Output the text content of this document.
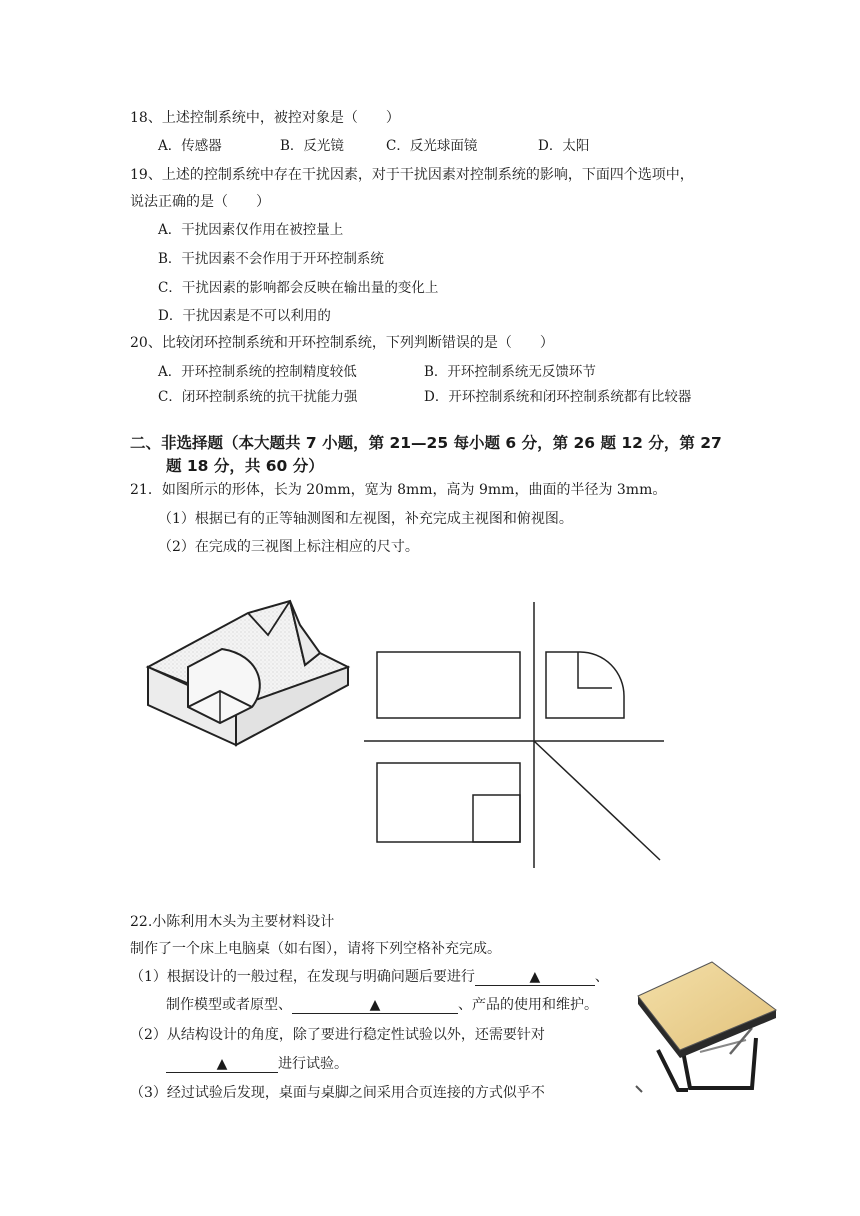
18、上述控制系统中，被控对象是（　　）
A．传感器	B．反光镜	C．反光球面镜	D．太阳
19、上述的控制系统中存在干扰因素，对于干扰因素对控制系统的影响，下面四个选项中，
说法正确的是（　　）
A．干扰因素仅作用在被控量上
B．干扰因素不会作用于开环控制系统
C．干扰因素的影响都会反映在输出量的变化上
D．干扰因素是不可以利用的
20、比较闭环控制系统和开环控制系统，下列判断错误的是（　　）
A．开环控制系统的控制精度较低	B．开环控制系统无反馈环节
C．闭环控制系统的抗干扰能力强	D．开环控制系统和闭环控制系统都有比较器
二、非选择题（本大题共 7 小题，第 21—25 每小题 6 分，第 26 题 12 分，第 27
题 18 分，共 60 分）
21．如图所示的形体，长为 20mm，宽为 8mm，高为 9mm，曲面的半径为 3mm。
（1）根据已有的正等轴测图和左视图，补充完成主视图和俯视图。
（2）在完成的三视图上标注相应的尺寸。
22.小陈利用木头为主要材料设计
制作了一个床上电脑桌（如右图），请将下列空格补充完成。
（1）根据设计的一般过程，在发现与明确问题后要进行	▲	、
制作模型或者原型、	▲	、产品的使用和维护。
（2）从结构设计的角度，除了要进行稳定性试验以外，还需要针对
▲	进行试验。
（3）经过试验后发现，桌面与桌脚之间采用合页连接的方式似乎不
